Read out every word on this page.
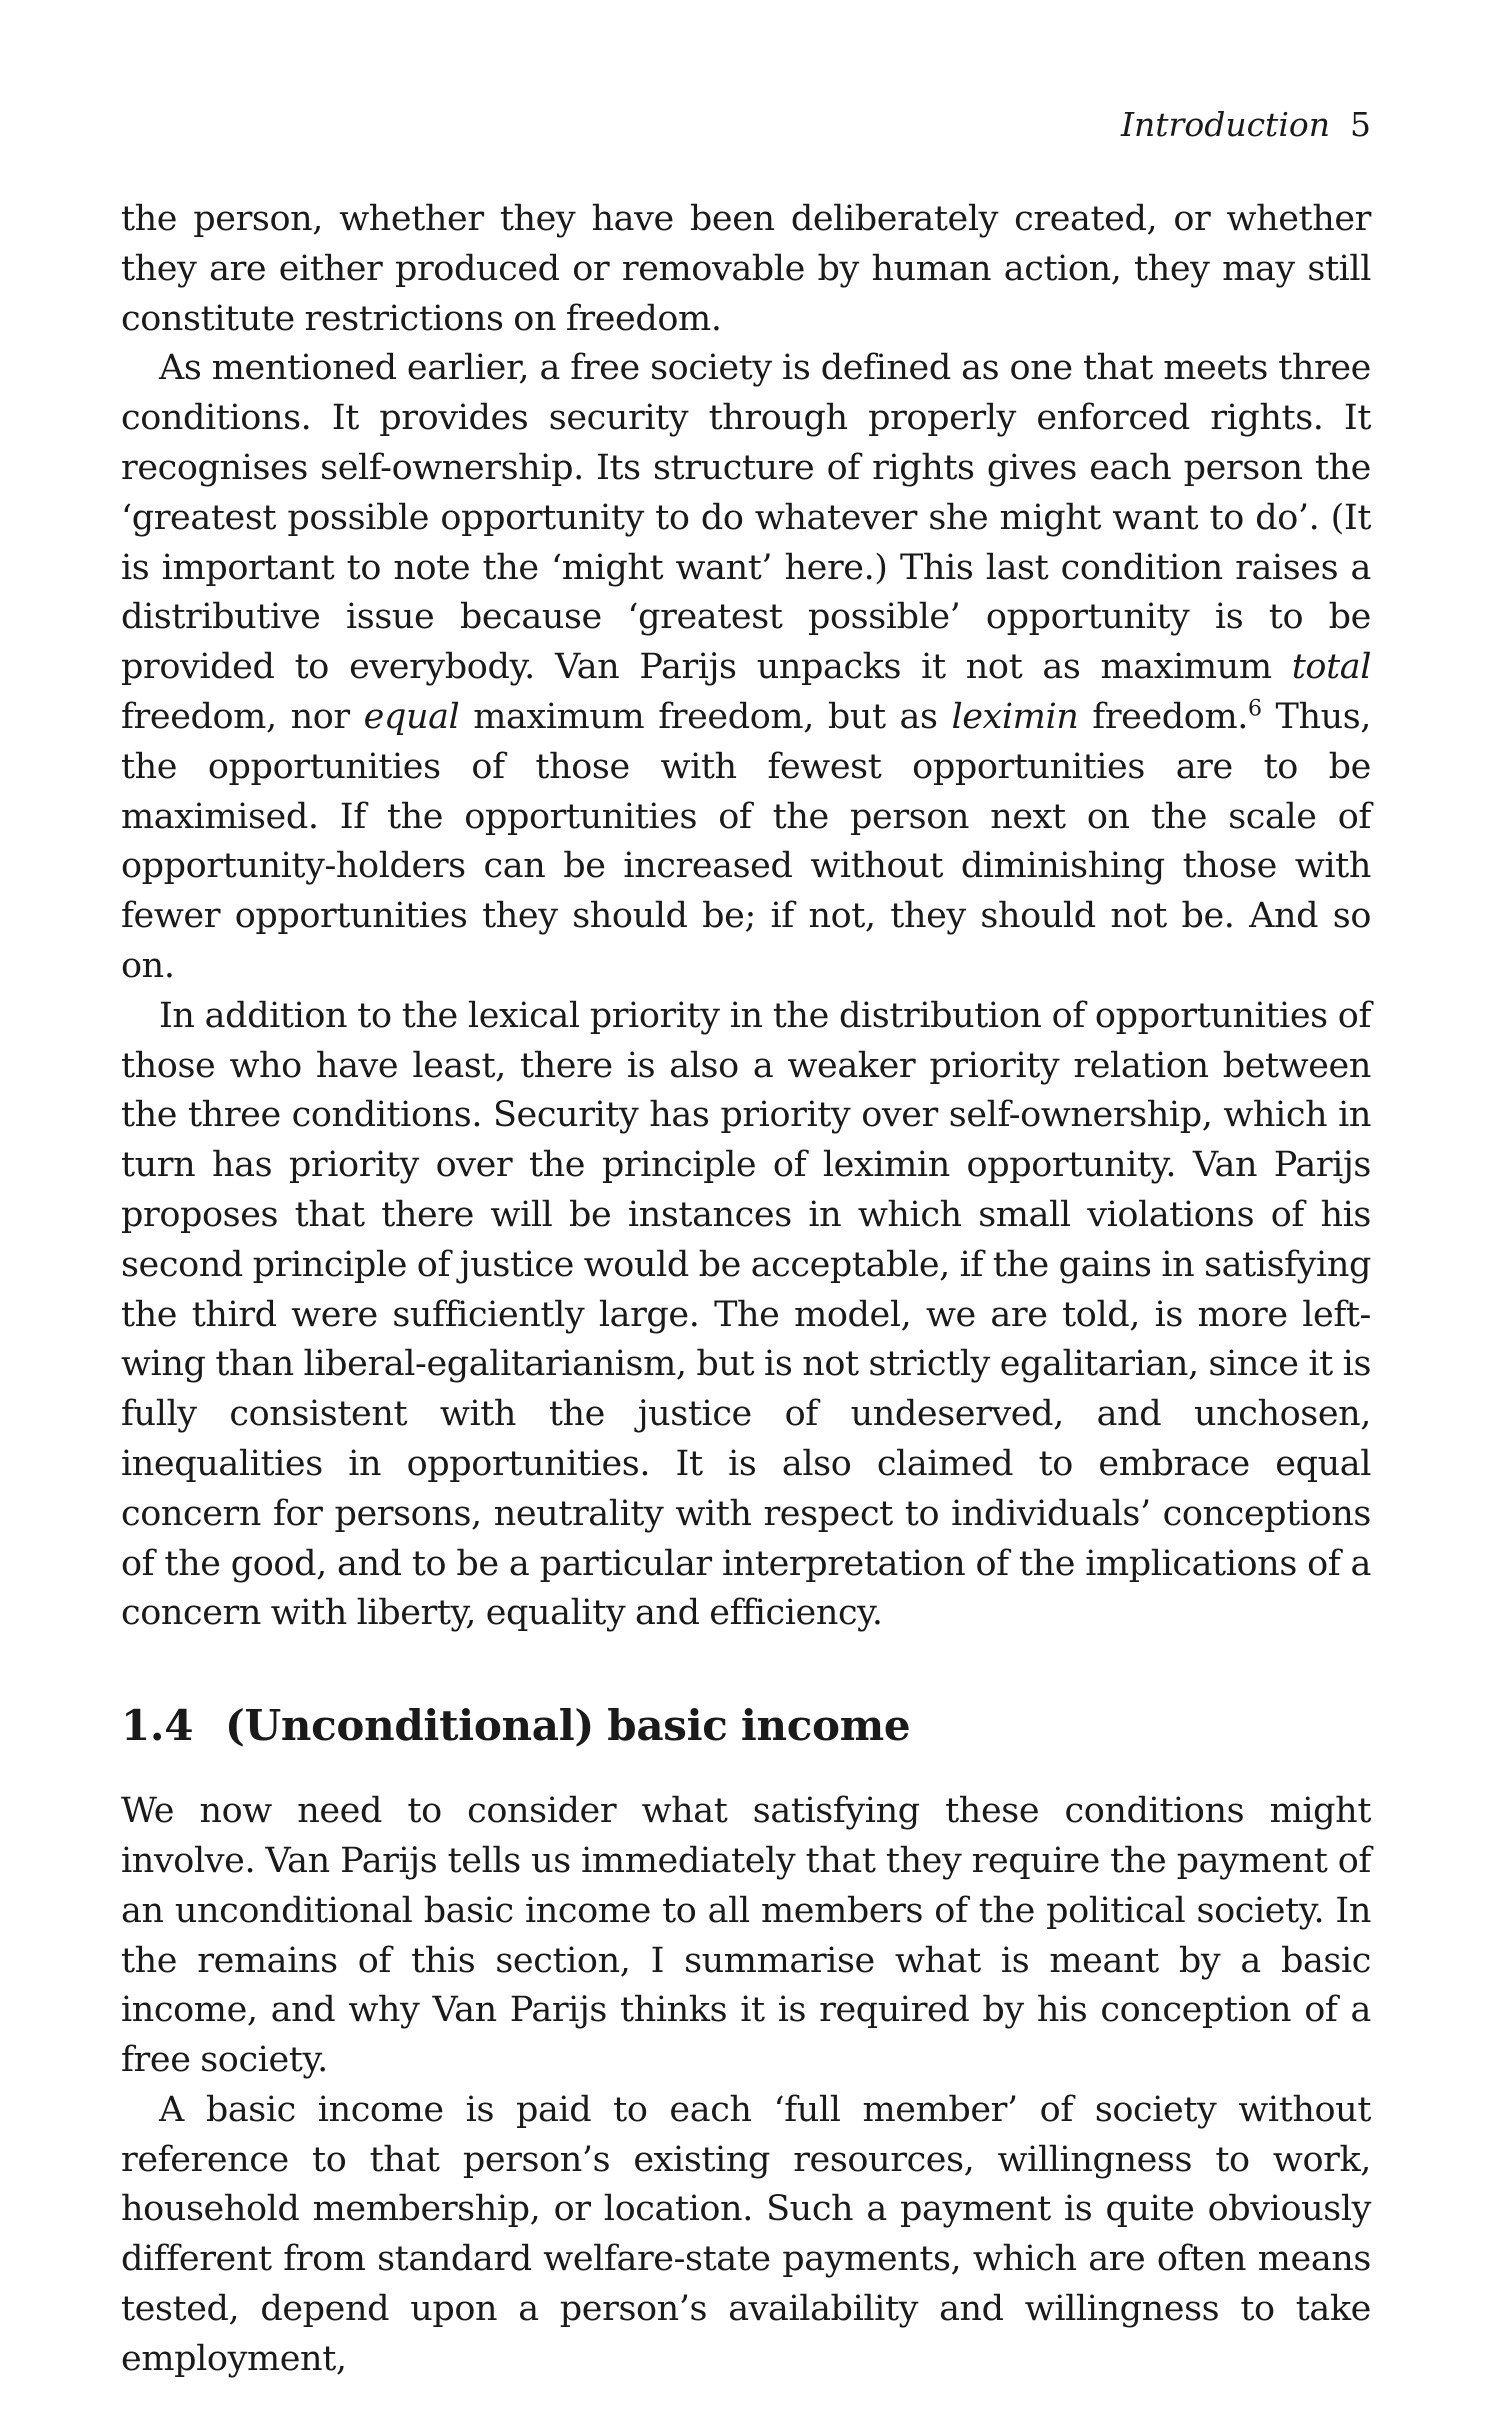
Introduction 5

the person, whether they have been deliberately created, or whether they are either produced or removable by human action, they may still constitute restrictions on freedom.

As mentioned earlier, a free society is defined as one that meets three conditions. It provides security through properly enforced rights. It recognises self-ownership. Its structure of rights gives each person the ‘greatest possible opportunity to do whatever she might want to do’. (It is important to note the ‘might want’ here.) This last condition raises a distributive issue because ‘greatest possible’ opportunity is to be provided to everybody. Van Parijs unpacks it not as maximum total freedom, nor equal maximum freedom, but as leximin freedom.$^6$ Thus, the opportunities of those with fewest opportunities are to be maximised. If the opportunities of the person next on the scale of opportunity-holders can be increased without diminishing those with fewer opportunities they should be; if not, they should not be. And so on.

In addition to the lexical priority in the distribution of opportunities of those who have least, there is also a weaker priority relation between the three conditions. Security has priority over self-ownership, which in turn has priority over the principle of leximin opportunity. Van Parijs proposes that there will be instances in which small violations of his second principle of justice would be acceptable, if the gains in satisfying the third were sufficiently large. The model, we are told, is more left-wing than liberal-egalitarianism, but is not strictly egalitarian, since it is fully consistent with the justice of undeserved, and unchosen, inequalities in opportunities. It is also claimed to embrace equal concern for persons, neutrality with respect to individuals’ conceptions of the good, and to be a particular interpretation of the implications of a concern with liberty, equality and efficiency.

1.4 (Unconditional) basic income

We now need to consider what satisfying these conditions might involve. Van Parijs tells us immediately that they require the payment of an unconditional basic income to all members of the political society. In the remains of this section, I summarise what is meant by a basic income, and why Van Parijs thinks it is required by his conception of a free society.

A basic income is paid to each ‘full member’ of society without reference to that person’s existing resources, willingness to work, household membership, or location. Such a payment is quite obviously different from standard welfare-state payments, which are often means tested, depend upon a person’s availability and willingness to take employment,
